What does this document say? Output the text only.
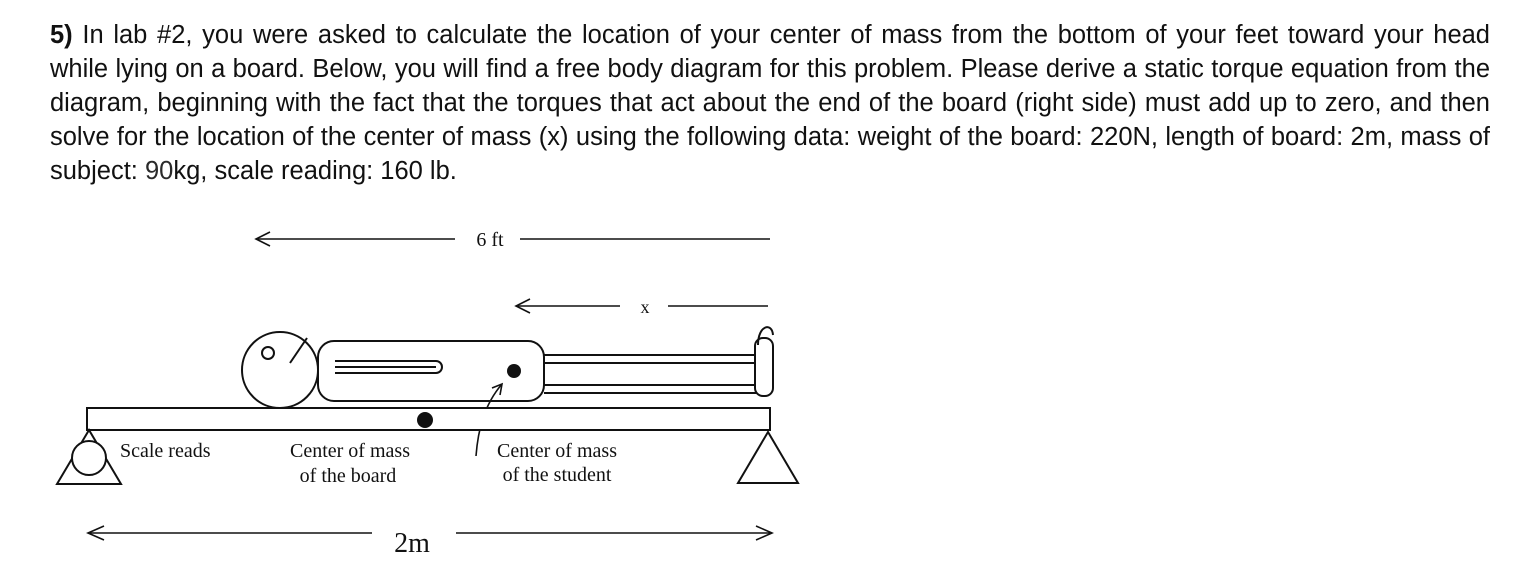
5) In lab #2, you were asked to calculate the location of your center of mass from the bottom of your feet toward your head while lying on a board. Below, you will find a free body diagram for this problem. Please derive a static torque equation from the diagram, beginning with the fact that the torques that act about the end of the board (right side) must add up to zero, and then solve for the location of the center of mass (x) using the following data: weight of the board: 220N, length of board: 2m, mass of subject: 90kg, scale reading: 160 lb.
6 ft
x
Scale reads	Center of mass
of the board
Center of mass
of the student
2m
